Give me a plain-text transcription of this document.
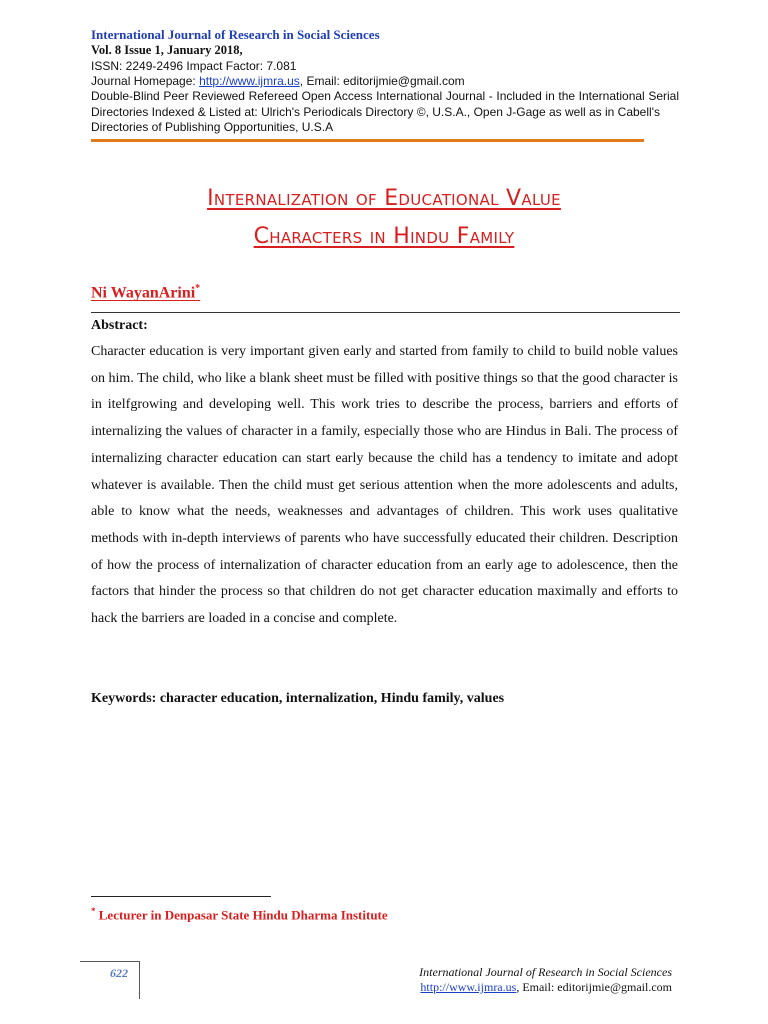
International Journal of Research in Social Sciences
Vol. 8 Issue 1, January 2018,
ISSN: 2249-2496 Impact Factor: 7.081
Journal Homepage: http://www.ijmra.us, Email: editorijmie@gmail.com
Double-Blind Peer Reviewed Refereed Open Access International Journal - Included in the International Serial Directories Indexed & Listed at: Ulrich's Periodicals Directory ©, U.S.A., Open J-Gage as well as in Cabell's
Directories of Publishing Opportunities, U.S.A
Internalization of Educational Value
Characters in Hindu Family
Ni WayanArini*
Abstract:

Character education is very important given early and started from family to child to build noble values on him. The child, who like a blank sheet must be filled with positive things so that the good character is in itelfgrowing and developing well. This work tries to describe the process, barriers and efforts of internalizing the values of character in a family, especially those who are Hindus in Bali. The process of internalizing character education can start early because the child has a tendency to imitate and adopt whatever is available. Then the child must get serious attention when the more adolescents and adults, able to know what the needs, weaknesses and advantages of children. This work uses qualitative methods with in-depth interviews of parents who have successfully educated their children. Description of how the process of internalization of character education from an early age to adolescence, then the factors that hinder the process so that children do not get character education maximally and efforts to hack the barriers are loaded in a concise and complete.

Keywords: character education, internalization, Hindu family, values
* Lecturer in Denpasar State Hindu Dharma Institute
622	International Journal of Research in Social Sciences
http://www.ijmra.us, Email: editorijmie@gmail.com
